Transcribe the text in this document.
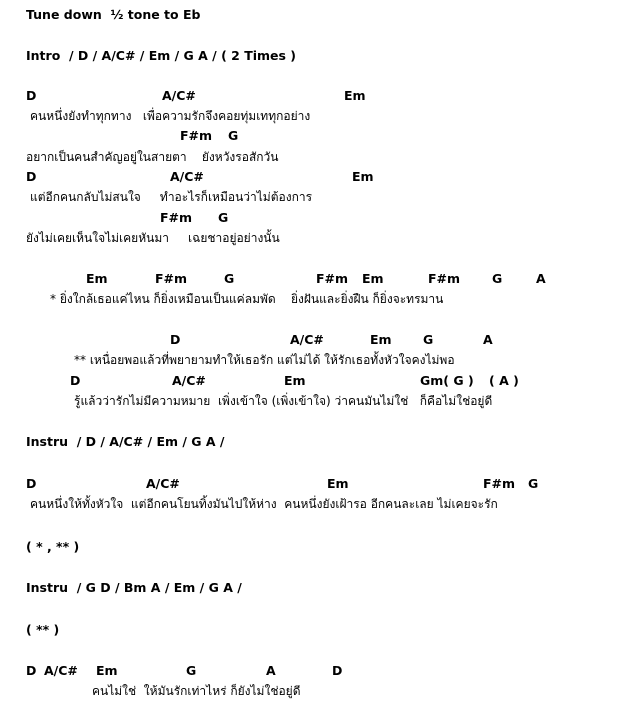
Tune down  ½ tone to Eb
Intro  / D / A/C# / Em / G A / ( 2 Times )
D	A/C#	Em
คนหนึ่งยังทำทุกทาง   เพื่อความรักจึงคอยทุ่มเททุกอย่าง
F#m G
อยากเป็นคนสำคัญอยู่ในสายตา    ยังหวังรอสักวัน
D	A/C#	Em
แต่อีกคนกลับไม่สนใจ     ทำอะไรก็เหมือนว่าไม่ต้องการ
F#m G
ยังไม่เคยเห็นใจไม่เคยหันมา     เฉยชาอยู่อย่างนั้น
Em	F#m	G	F#m Em	F#m	G	A
* ยิ่งใกล้เธอแค่ไหน ก็ยิ่งเหมือนเป็นแค่ลมพัด    ยิ่งฝันและยิ่งฝืน ก็ยิ่งจะทรมาน
D	A/C#	Em	G	A
** เหนื่อยพอแล้วที่พยายามทำให้เธอรัก แต่ไม่ได้ ให้รักเธอทั้งหัวใจคงไม่พอ
D	A/C#	Em	Gm( G ) ( A )
รู้แล้วว่ารักไม่มีความหมาย  เพิ่งเข้าใจ (เพิ่งเข้าใจ) ว่าคนมันไม่ใช่   ก็คือไม่ใช่อยู่ดี
Instru  / D / A/C# / Em / G A /
D	A/C#	Em	F#m G
คนหนึ่งให้ทั้งหัวใจ  แต่อีกคนโยนทิ้งมันไปให้ห่าง  คนหนึ่งยังเฝ้ารอ อีกคนละเลย ไม่เคยจะรัก
( * , ** )
Instru  / G D / Bm A / Em / G A /
( ** )
D A/C# Em	G	A	D
คนไม่ใช่  ให้มันรักเท่าไหร่ ก็ยังไม่ใช่อยู่ดี
